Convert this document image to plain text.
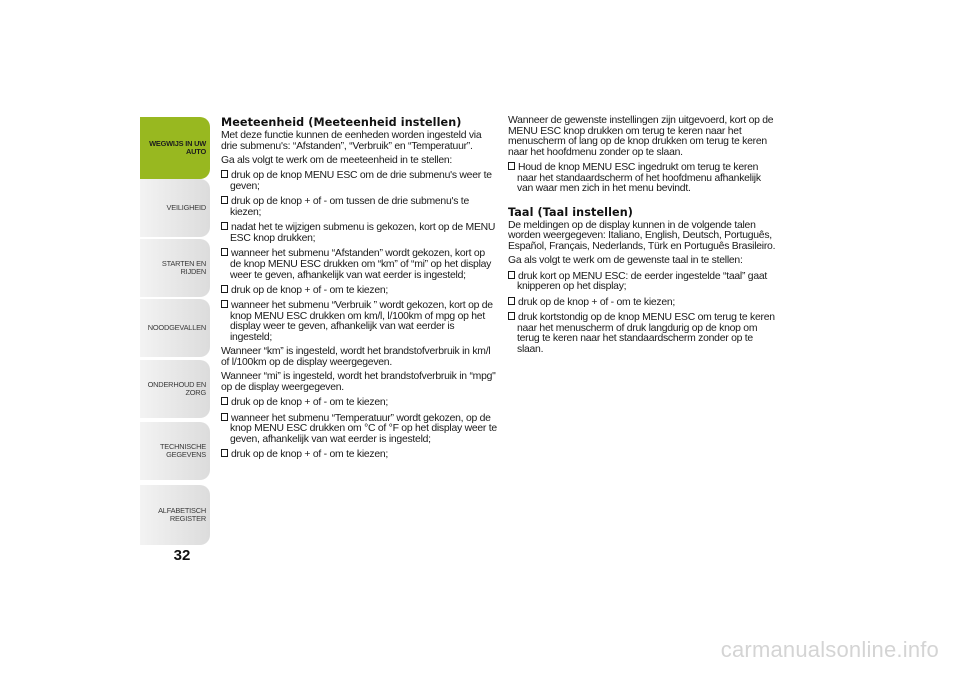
WEGWIJS IN UW AUTO
VEILIGHEID
STARTEN EN RIJDEN
NOODGEVALLEN
ONDERHOUD EN ZORG
TECHNISCHE GEGEVENS
ALFABETISCH REGISTER
32
Meeteenheid (Meeteenheid instellen)

Met deze functie kunnen de eenheden worden ingesteld via drie submenu's: “Afstanden”, “Verbruik” en “Temperatuur”.

Ga als volgt te werk om de meeteenheid in te stellen:

druk op de knop MENU ESC om de drie submenu's weer te geven;
druk op de knop + of - om tussen de drie submenu's te kiezen;
nadat het te wijzigen submenu is gekozen, kort op de MENU ESC knop drukken;
wanneer het submenu “Afstanden” wordt gekozen, kort op de knop MENU ESC drukken om “km” of “mi” op het display weer te geven, afhankelijk van wat eerder is ingesteld;
druk op de knop + of - om te kiezen;
wanneer het submenu “Verbruik ” wordt gekozen, kort op de knop MENU ESC drukken om km/l, l/100km of mpg op het display weer te geven, afhankelijk van wat eerder is ingesteld;

Wanneer “km” is ingesteld, wordt het brandstofverbruik in km/l of l/100km op de display weergegeven.

Wanneer “mi” is ingesteld, wordt het brandstofverbruik in “mpg" op de display weergegeven.

druk op de knop + of - om te kiezen;
wanneer het submenu “Temperatuur” wordt gekozen, op de knop MENU ESC drukken om °C of °F op het display weer te geven, afhankelijk van wat eerder is ingesteld;
druk op de knop + of - om te kiezen;

Wanneer de gewenste instellingen zijn uitgevoerd, kort op de MENU ESC knop drukken om terug te keren naar het menuscherm of lang op de knop drukken om terug te keren naar het hoofdmenu zonder op te slaan.

Houd de knop MENU ESC ingedrukt om terug te keren naar het standaardscherm of het hoofdmenu afhankelijk van waar men zich in het menu bevindt.
Taal (Taal instellen)

De meldingen op de display kunnen in de volgende talen worden weergegeven: Italiano, English, Deutsch, Português, Español, Français, Nederlands, Türk en Português Brasileiro.

Ga als volgt te werk om de gewenste taal in te stellen:

druk kort op MENU ESC: de eerder ingestelde “taal” gaat knipperen op het display;
druk op de knop + of - om te kiezen;
druk kortstondig op de knop MENU ESC om terug te keren naar het menuscherm of druk langdurig op de knop om terug te keren naar het standaardscherm zonder op te slaan.
carmanualsonline.info
